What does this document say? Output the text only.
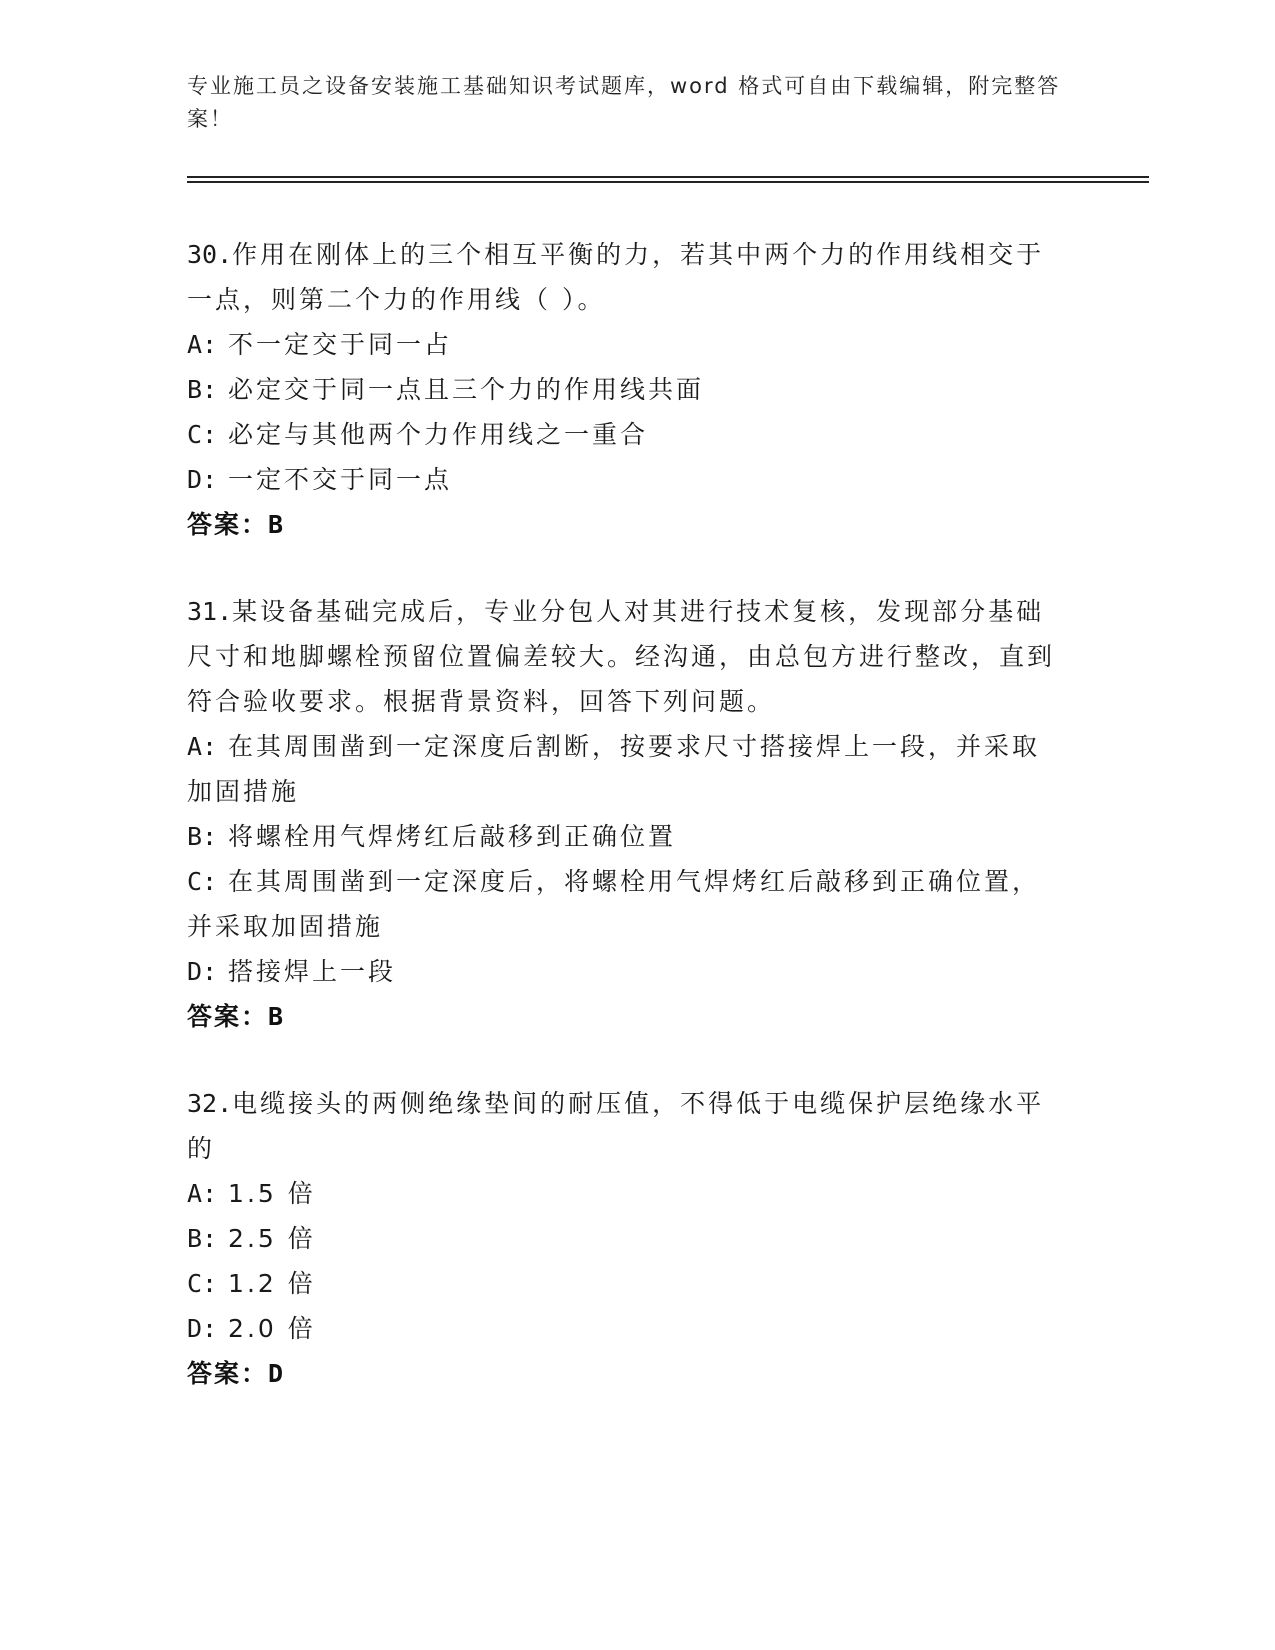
专业施工员之设备安装施工基础知识考试题库，word 格式可自由下载编辑，附完整答案！
30.作用在刚体上的三个相互平衡的力，若其中两个力的作用线相交于一点，则第二个力的作用线（ ）。
A: 不一定交于同一占
B: 必定交于同一点且三个力的作用线共面
C: 必定与其他两个力作用线之一重合
D: 一定不交于同一点
答案：B
31.某设备基础完成后，专业分包人对其进行技术复核，发现部分基础尺寸和地脚螺栓预留位置偏差较大。经沟通，由总包方进行整改，直到符合验收要求。根据背景资料，回答下列问题。
A: 在其周围凿到一定深度后割断，按要求尺寸搭接焊上一段，并采取加固措施
B: 将螺栓用气焊烤红后敲移到正确位置
C: 在其周围凿到一定深度后，将螺栓用气焊烤红后敲移到正确位置，并采取加固措施
D: 搭接焊上一段
答案：B
32.电缆接头的两侧绝缘垫间的耐压值，不得低于电缆保护层绝缘水平的
A: 1.5 倍
B: 2.5 倍
C: 1.2 倍
D: 2.0 倍
答案：D
